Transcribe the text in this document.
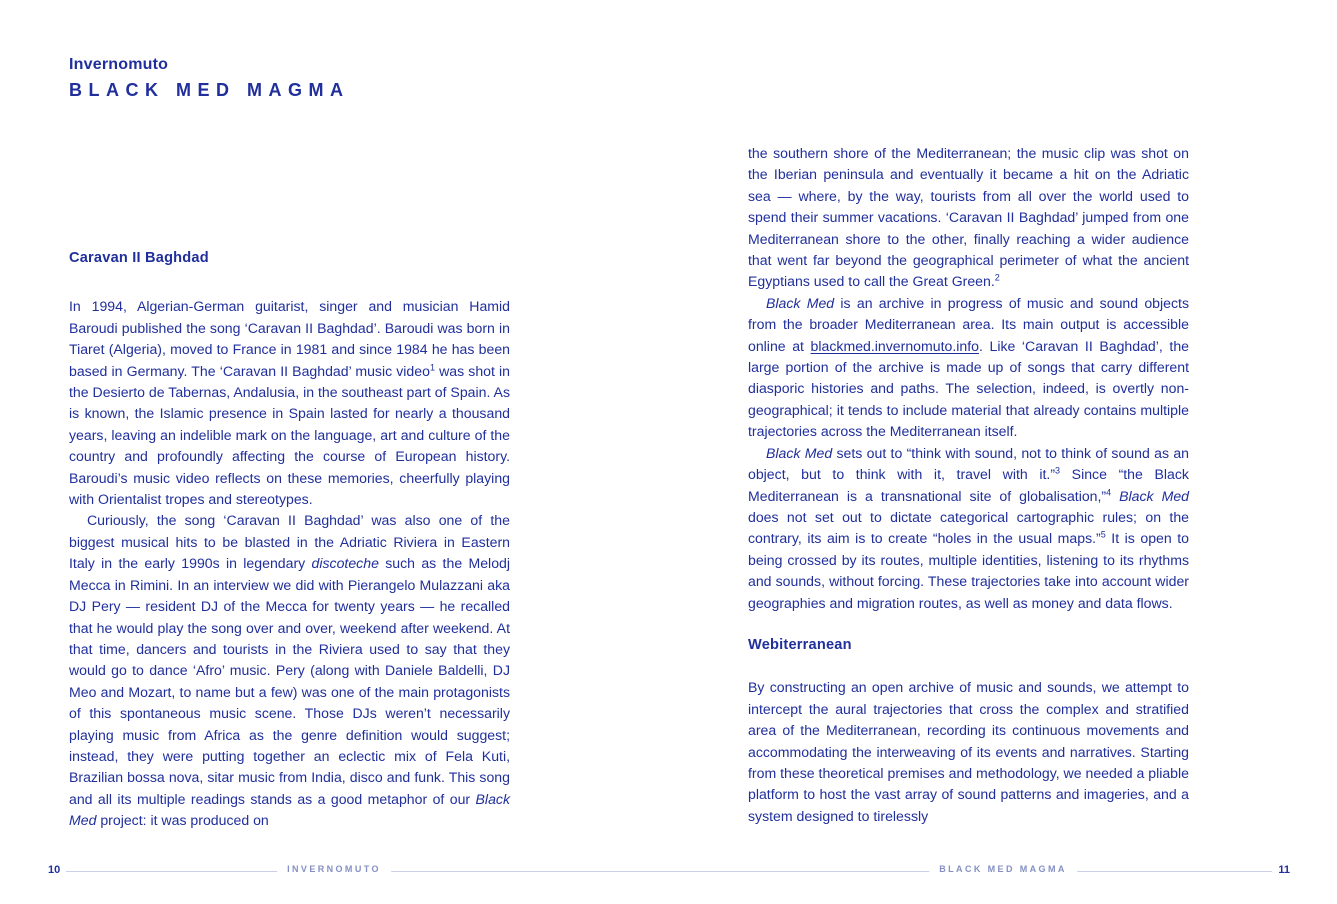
Invernomuto
BLACK MED MAGMA
Caravan II Baghdad

In 1994, Algerian-German guitarist, singer and musician Hamid Baroudi published the song ‘Caravan II Baghdad’. Baroudi was born in Tiaret (Algeria), moved to France in 1981 and since 1984 he has been based in Germany. The ‘Caravan II Baghdad’ music video$^1$ was shot in the Desierto de Tabernas, Andalusia, in the southeast part of Spain. As is known, the Islamic presence in Spain lasted for nearly a thousand years, leaving an indelible mark on the language, art and culture of the country and profoundly affecting the course of European history. Baroudi’s music video reflects on these memories, cheerfully playing with Orientalist tropes and stereotypes.

Curiously, the song ‘Caravan II Baghdad’ was also one of the biggest musical hits to be blasted in the Adriatic Riviera in Eastern Italy in the early 1990s in legendary discoteche such as the Melodj Mecca in Rimini. In an interview we did with Pierangelo Mulazzani aka DJ Pery — resident DJ of the Mecca for twenty years — he recalled that he would play the song over and over, weekend after weekend. At that time, dancers and tourists in the Riviera used to say that they would go to dance ‘Afro’ music. Pery (along with Daniele Baldelli, DJ Meo and Mozart, to name but a few) was one of the main protagonists of this spontaneous music scene. Those DJs weren’t necessarily playing music from Africa as the genre definition would suggest; instead, they were putting together an eclectic mix of Fela Kuti, Brazilian bossa nova, sitar music from India, disco and funk. This song and all its multiple readings stands as a good metaphor of our Black Med project: it was produced on

the southern shore of the Mediterranean; the music clip was shot on the Iberian peninsula and eventually it became a hit on the Adriatic sea — where, by the way, tourists from all over the world used to spend their summer vacations. ‘Caravan II Baghdad’ jumped from one Mediterranean shore to the other, finally reaching a wider audience that went far beyond the geographical perimeter of what the ancient Egyptians used to call the Great Green.$^2$

Black Med is an archive in progress of music and sound objects from the broader Mediterranean area. Its main output is accessible online at blackmed.invernomuto.info. Like ‘Caravan II Baghdad’, the large portion of the archive is made up of songs that carry different diasporic histories and paths. The selection, indeed, is overtly non-geographical; it tends to include material that already contains multiple trajectories across the Mediterranean itself.

Black Med sets out to “think with sound, not to think of sound as an object, but to think with it, travel with it.”$^3$ Since “the Black Mediterranean is a transnational site of globalisation,”$^4$ Black Med does not set out to dictate categorical cartographic rules; on the contrary, its aim is to create “holes in the usual maps.”$^5$ It is open to being crossed by its routes, multiple identities, listening to its rhythms and sounds, without forcing. These trajectories take into account wider geographies and migration routes, as well as money and data flows.

Webiterranean

By constructing an open archive of music and sounds, we attempt to intercept the aural trajectories that cross the complex and stratified area of the Mediterranean, recording its continuous movements and accommodating the interweaving of its events and narratives. Starting from these theoretical premises and methodology, we needed a pliable platform to host the vast array of sound patterns and imageries, and a system designed to tirelessly

10	INVERNOMUTO	BLACK MED MAGMA	11
